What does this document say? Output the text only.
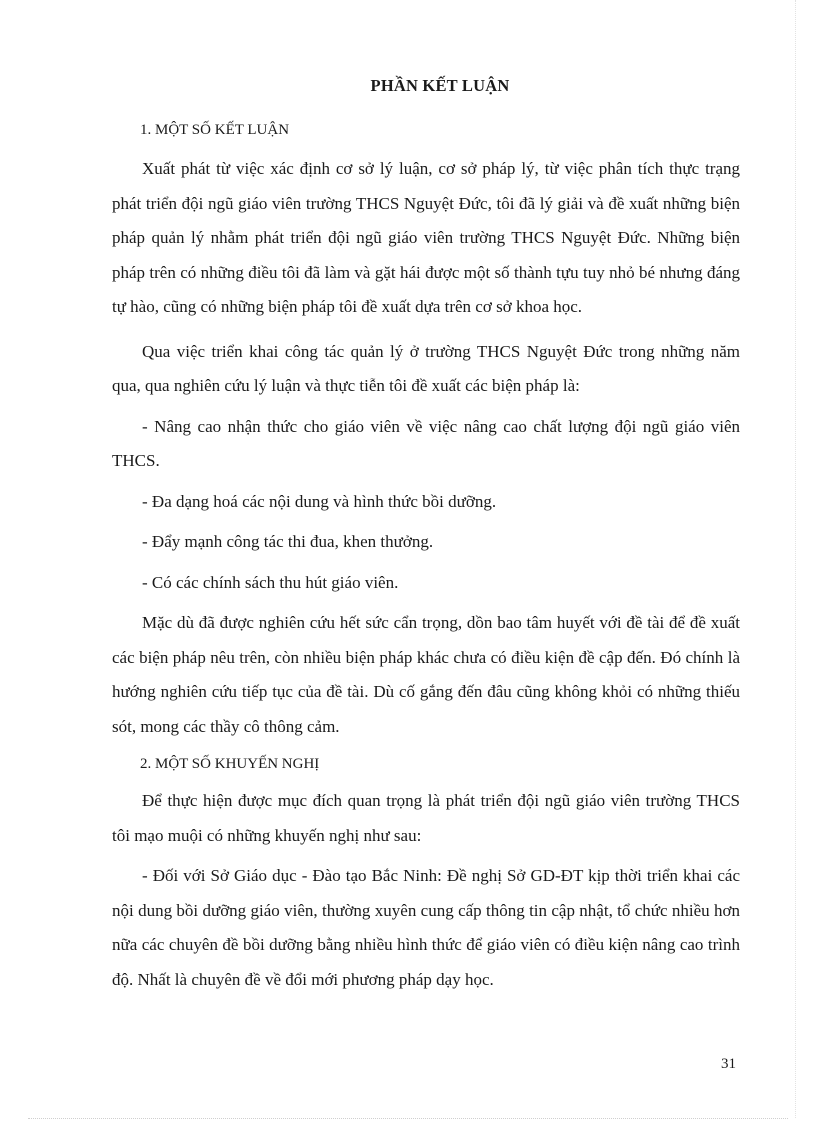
PHẦN KẾT LUẬN

1. MỘT SỐ KẾT LUẬN

Xuất phát từ việc xác định cơ sở lý luận, cơ sở pháp lý, từ việc phân tích thực trạng phát triển đội ngũ giáo viên trường THCS Nguyệt Đức, tôi đã lý giải và đề xuất những biện pháp quản lý nhằm phát triển đội ngũ giáo viên trường THCS Nguyệt Đức. Những biện pháp trên có những điều tôi đã làm và gặt hái được một số thành tựu tuy nhỏ bé nhưng đáng tự hào, cũng có những biện pháp tôi đề xuất dựa trên cơ sở khoa học.

Qua việc triển khai công tác quản lý ở trường THCS Nguyệt Đức trong những năm qua, qua nghiên cứu lý luận và thực tiễn tôi đề xuất các biện pháp là:

- Nâng cao nhận thức cho giáo viên về việc nâng cao chất lượng đội ngũ giáo viên THCS.

- Đa dạng hoá các nội dung và hình thức bồi dưỡng.

- Đẩy mạnh công tác thi đua, khen thưởng.

- Có các chính sách thu hút giáo viên.

Mặc dù đã được nghiên cứu hết sức cẩn trọng, dồn bao tâm huyết với đề tài để đề xuất các biện pháp nêu trên, còn nhiều biện pháp khác chưa có điều kiện đề cập đến. Đó chính là hướng nghiên cứu tiếp tục của đề tài. Dù cố gắng đến đâu cũng không khỏi có những thiếu sót, mong các thầy cô thông cảm.

2. MỘT SỐ KHUYẾN NGHỊ

Để thực hiện được mục đích quan trọng là phát triển đội ngũ giáo viên trường THCS tôi mạo muội có những khuyến nghị như sau:

- Đối với Sở Giáo dục - Đào tạo Bắc Ninh: Đề nghị Sở GD-ĐT kịp thời triển khai các nội dung bồi dưỡng giáo viên, thường xuyên cung cấp thông tin cập nhật, tổ chức nhiều hơn nữa các chuyên đề bồi dưỡng bằng nhiều hình thức để giáo viên có điều kiện nâng cao trình độ. Nhất là chuyên đề về đổi mới phương pháp dạy học.

31
